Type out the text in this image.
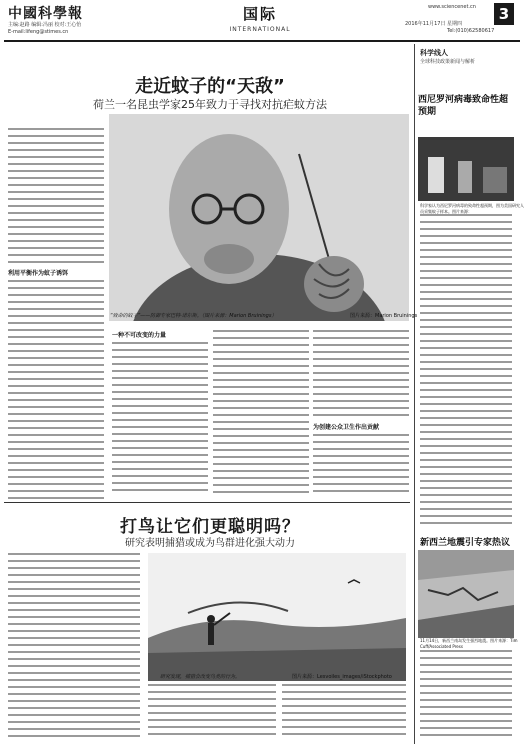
中國科學報
主编:赵路 编辑:冯丽 校对:王心怡
E-mail:lifeng@stimes.cn
国际
INTERNATIONAL
www.sciencenet.cn
2016年11月17日 星期四
Tel:(010)62580617
3
走近蚊子的“天敌”
荷兰一名昆虫学家25年致力于寻找对抗疟蚊方法
“致命的蚊子”——防御专家巴特·诺尔斯。（图片来源：Marion Bruinings）	图片来源：Marion Bruinings
利用平衡作为蚊子诱饵
一种不可改变的力量
为创建公众卫生作出贡献
打鸟让它们更聪明吗？
研究表明捕猎或成为鸟群进化强大动力
研究发现，捕猎会改变鸟类的行为。	图片来源：Lesvoiles_images/iStockphoto
科学线人
全球科技政策新闻与解析
西尼罗河病毒致命性超预期
科学家认为西尼罗河病毒的致命性超预期，图为美国研究人员采集蚊子样本。图片来源：
新西兰地震引专家热议
11月14日，新西兰南岛发生强烈地震。图片来源：Tim Cuff/Associated Press
